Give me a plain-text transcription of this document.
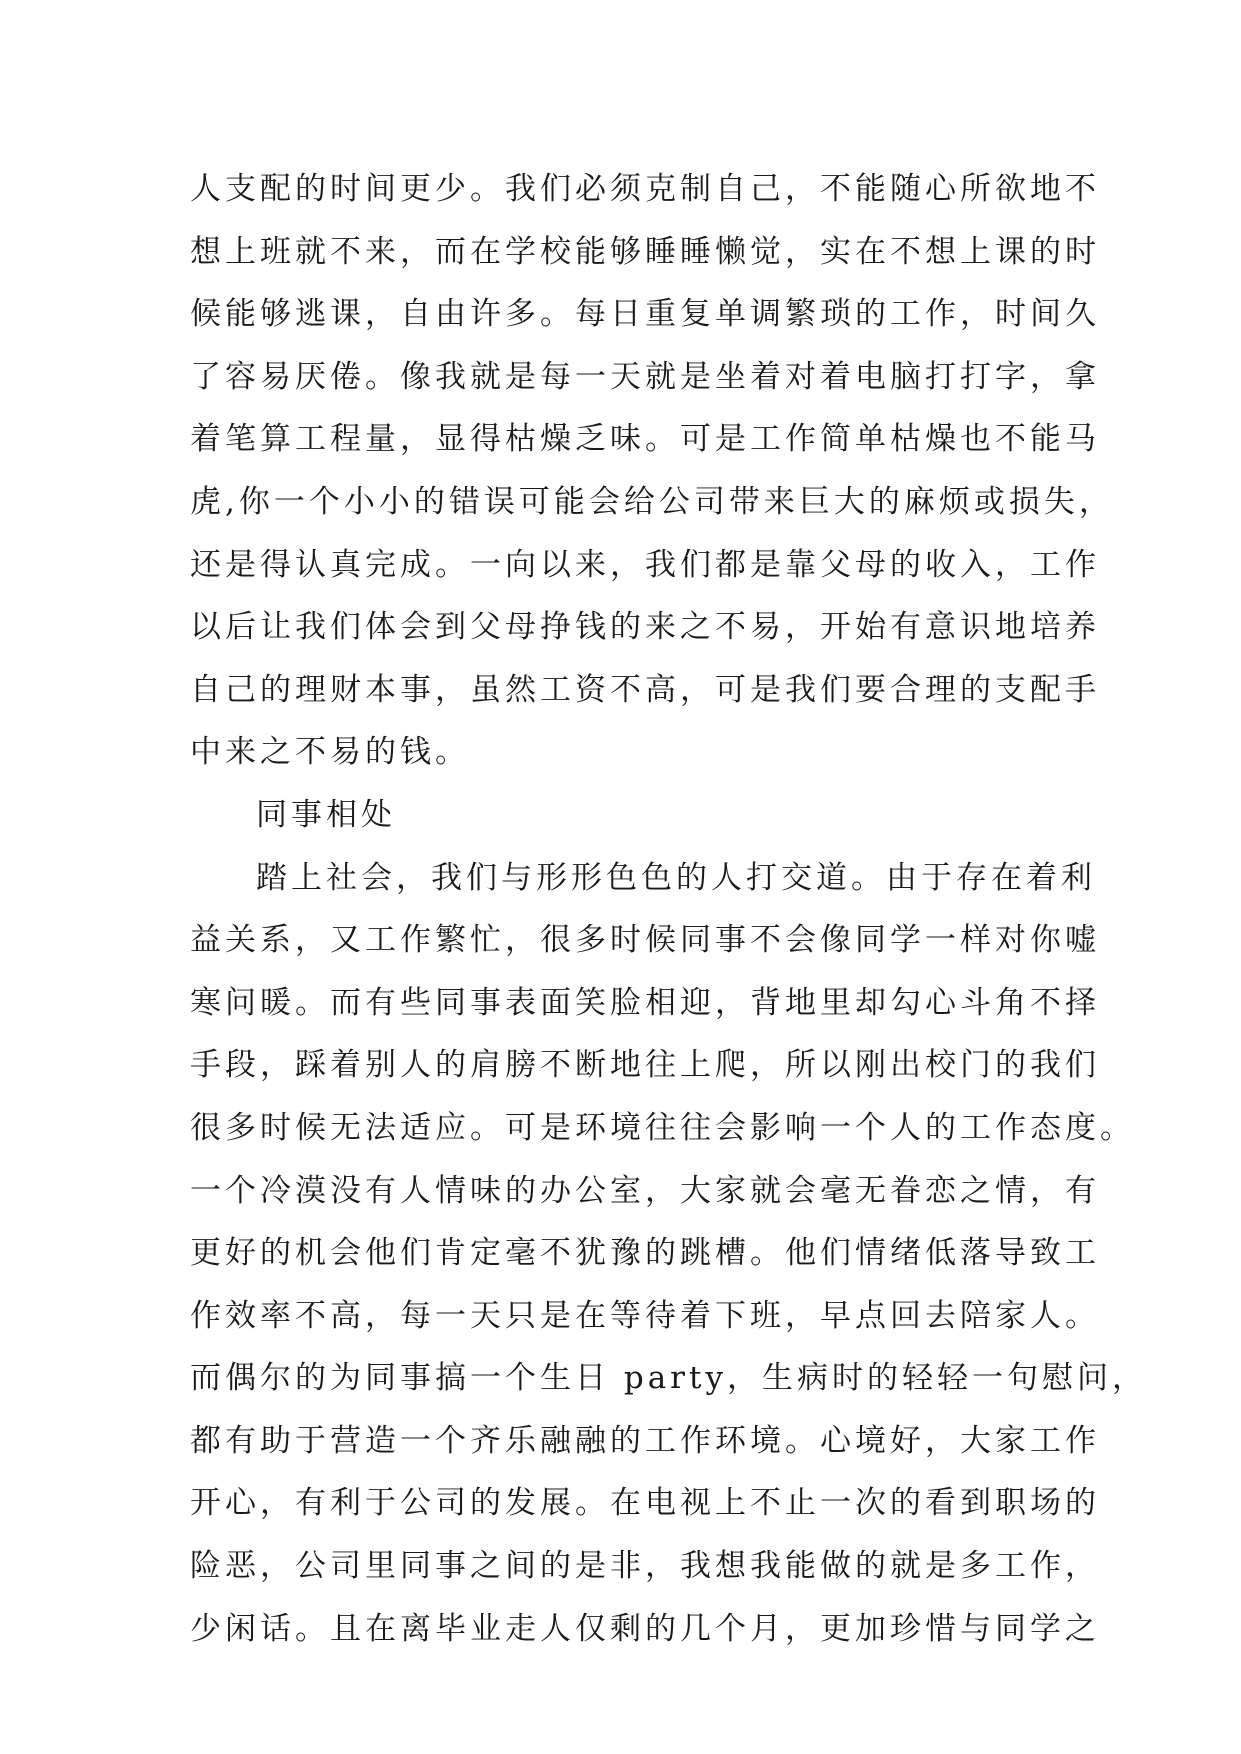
人支配的时间更少。我们必须克制自己，不能随心所欲地不
想上班就不来，而在学校能够睡睡懒觉，实在不想上课的时
候能够逃课，自由许多。每日重复单调繁琐的工作，时间久
了容易厌倦。像我就是每一天就是坐着对着电脑打打字，拿
着笔算工程量，显得枯燥乏味。可是工作简单枯燥也不能马
虎,你一个小小的错误可能会给公司带来巨大的麻烦或损失，
还是得认真完成。一向以来，我们都是靠父母的收入，工作
以后让我们体会到父母挣钱的来之不易，开始有意识地培养
自己的理财本事，虽然工资不高，可是我们要合理的支配手
中来之不易的钱。
同事相处
踏上社会，我们与形形色色的人打交道。由于存在着利
益关系，又工作繁忙，很多时候同事不会像同学一样对你嘘
寒问暖。而有些同事表面笑脸相迎，背地里却勾心斗角不择
手段，踩着别人的肩膀不断地往上爬，所以刚出校门的我们
很多时候无法适应。可是环境往往会影响一个人的工作态度。
一个冷漠没有人情味的办公室，大家就会毫无眷恋之情，有
更好的机会他们肯定毫不犹豫的跳槽。他们情绪低落导致工
作效率不高，每一天只是在等待着下班，早点回去陪家人。
而偶尔的为同事搞一个生日 party，生病时的轻轻一句慰问，
都有助于营造一个齐乐融融的工作环境。心境好，大家工作
开心，有利于公司的发展。在电视上不止一次的看到职场的
险恶，公司里同事之间的是非，我想我能做的就是多工作，
少闲话。且在离毕业走人仅剩的几个月，更加珍惜与同学之
